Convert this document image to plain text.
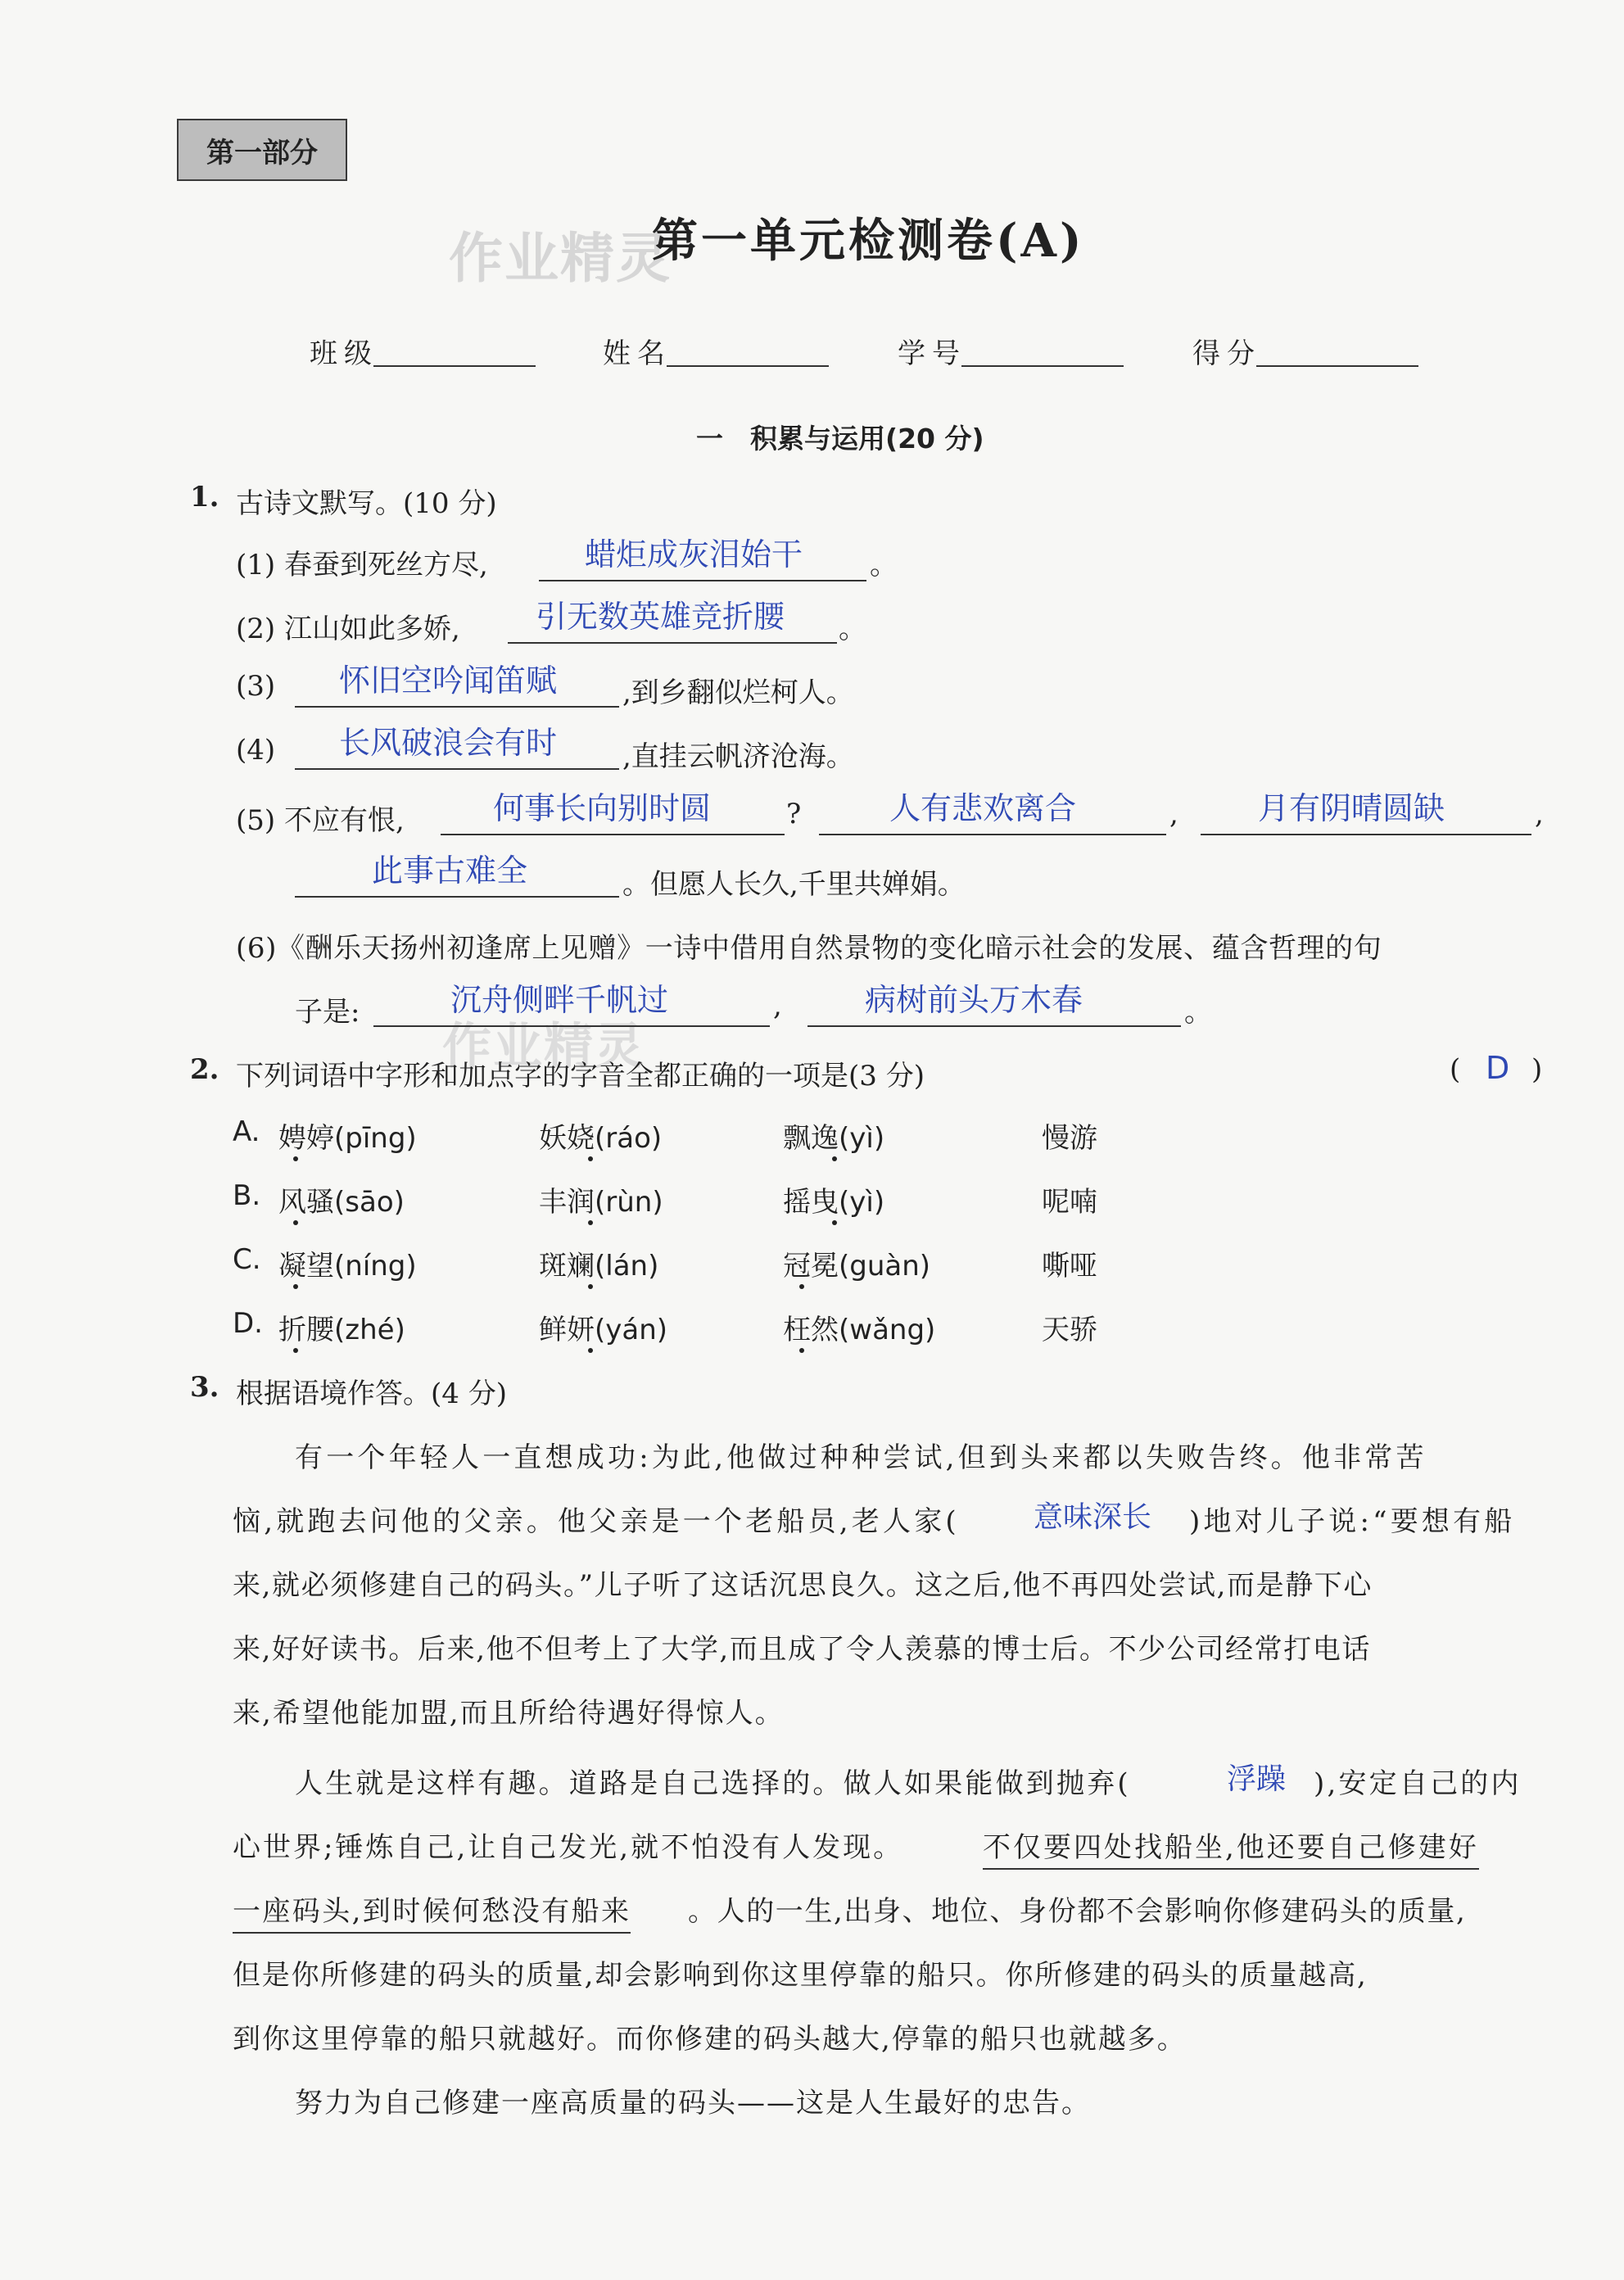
第一部分
作业精灵
第一单元检测卷(A)
班级	姓名	学号	得分
一　积累与运用(20 分)
1. 古诗文默写。(10 分)
(1) 春蚕到死丝方尽,	蜡炬成灰泪始干 。
(2) 江山如此多娇, 引无数英雄竞折腰 。
(3) 怀旧空吟闻笛赋 ,到乡翻似烂柯人。
(4) 长风破浪会有时 ,直挂云帆济沧海。
(5) 不应有恨,	何事长向别时圆	?	人有悲欢离合	,	月有阴晴圆缺	,
此事古难全	。但愿人长久,千里共婵娟。
(6)《酬乐天扬州初逢席上见赠》一诗中借用自然景物的变化暗示社会的发展、蕴含哲理的句
子是:
作业精灵
沉舟侧畔千帆过	,	病树前头万木春	。
2. 下列词语中字形和加点字的字音全都正确的一项是(3 分)	( D )
A. 娉婷(pīng)	妖娆(ráo)	飘逸(yì)	慢游
B. 风骚(sāo)	丰润(rùn)	摇曳(yì)	呢喃
C. 凝望(níng)	斑斓(lán)	冠冕(guàn)	嘶哑
D. 折腰(zhé)	鲜妍(yán)	枉然(wǎng)	天骄
3. 根据语境作答。(4 分)
有一个年轻人一直想成功:为此,他做过种种尝试,但到头来都以失败告终。他非常苦
恼,就跑去问他的父亲。他父亲是一个老船员,老人家(	意味深长 )地对儿子说:“要想有船
来,就必须修建自己的码头。”儿子听了这话沉思良久。这之后,他不再四处尝试,而是静下心
来,好好读书。后来,他不但考上了大学,而且成了令人羡慕的博士后。不少公司经常打电话
来,希望他能加盟,而且所给待遇好得惊人。
人生就是这样有趣。道路是自己选择的。做人如果能做到抛弃(	浮躁 ),安定自己的内
心世界;锤炼自己,让自己发光,就不怕没有人发现。	不仅要四处找船坐,他还要自己修建好
一座码头,到时候何愁没有船来 。人的一生,出身、地位、身份都不会影响你修建码头的质量,
但是你所修建的码头的质量,却会影响到你这里停靠的船只。你所修建的码头的质量越高,
到你这里停靠的船只就越好。而你修建的码头越大,停靠的船只也就越多。
努力为自己修建一座高质量的码头——这是人生最好的忠告。
